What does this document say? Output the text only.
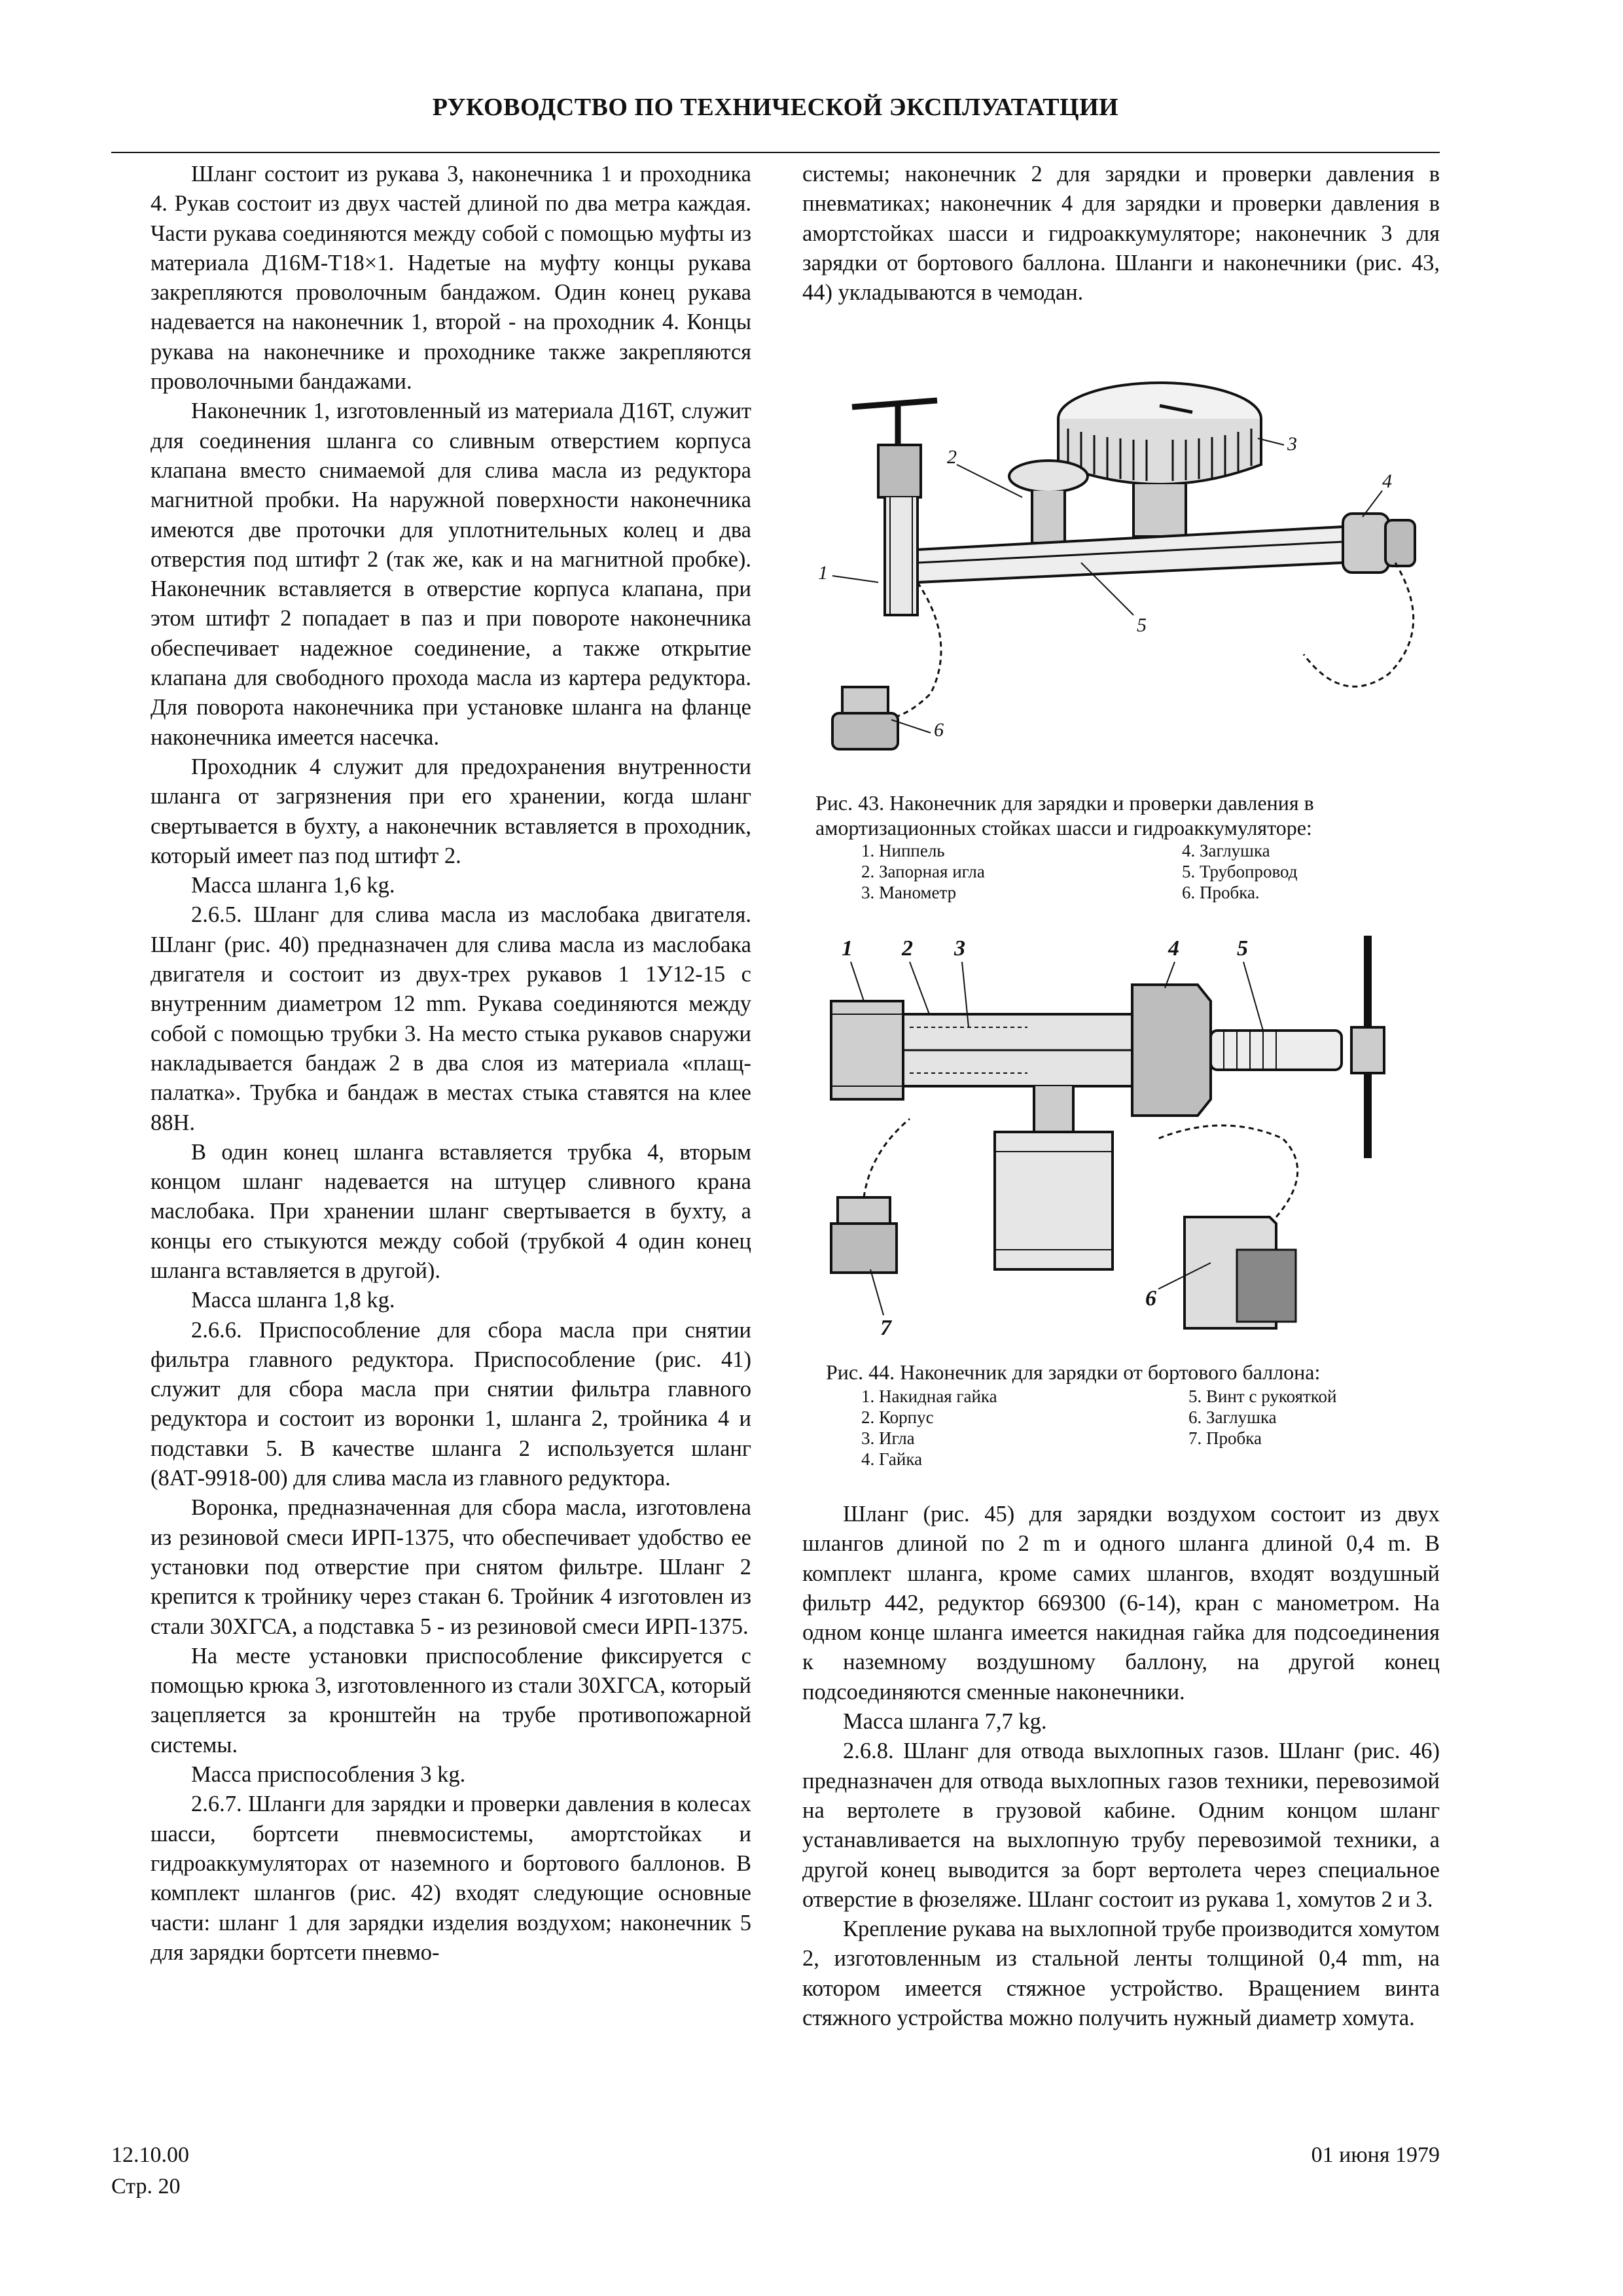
РУКОВОДСТВО ПО ТЕХНИЧЕСКОЙ ЭКСПЛУАТАТЦИИ

Шланг состоит из рукава 3, наконечника 1 и проходника 4. Рукав состоит из двух частей длиной по два метра каждая. Части рукава соединяются между собой с помощью муфты из материала Д16М-Т18×1. Надетые на муфту концы рукава закрепляются проволочным бандажом. Один конец рукава надевается на наконечник 1, второй - на проходник 4. Концы рукава на наконечнике и проходнике также закрепляются проволочными бандажами.

Наконечник 1, изготовленный из материала Д16Т, служит для соединения шланга со сливным отверстием корпуса клапана вместо снимаемой для слива масла из редуктора магнитной пробки. На наружной поверхности наконечника имеются две проточки для уплотнительных колец и два отверстия под штифт 2 (так же, как и на магнитной пробке). Наконечник вставляется в отверстие корпуса клапана, при этом штифт 2 попадает в паз и при повороте наконечника обеспечивает надежное соединение, а также открытие клапана для свободного прохода масла из картера редуктора. Для поворота наконечника при установке шланга на фланце наконечника имеется насечка.

Проходник 4 служит для предохранения внутренности шланга от загрязнения при его хранении, когда шланг свертывается в бухту, а наконечник вставляется в проходник, который имеет паз под штифт 2.

Масса шланга 1,6 kg.

2.6.5. Шланг для слива масла из маслобака двигателя. Шланг (рис. 40) предназначен для слива масла из маслобака двигателя и состоит из двух-трех рукавов 1 1У12-15 с внутренним диаметром 12 mm. Рукава соединяются между собой с помощью трубки 3. На место стыка рукавов снаружи накладывается бандаж 2 в два слоя из материала «плащ-палатка». Трубка и бандаж в местах стыка ставятся на клее 88Н.

В один конец шланга вставляется трубка 4, вторым концом шланг надевается на штуцер сливного крана маслобака. При хранении шланг свертывается в бухту, а концы его стыкуются между собой (трубкой 4 один конец шланга вставляется в другой).

Масса шланга 1,8 kg.

2.6.6. Приспособление для сбора масла при снятии фильтра главного редуктора. Приспособление (рис. 41) служит для сбора масла при снятии фильтра главного редуктора и состоит из воронки 1, шланга 2, тройника 4 и подставки 5. В качестве шланга 2 используется шланг (8АТ-9918-00) для слива масла из главного редуктора.

Воронка, предназначенная для сбора масла, изготовлена из резиновой смеси ИРП-1375, что обеспечивает удобство ее установки под отверстие при снятом фильтре. Шланг 2 крепится к тройнику через стакан 6. Тройник 4 изготовлен из стали 30ХГСА, а подставка 5 - из резиновой смеси ИРП-1375.

На месте установки приспособление фиксируется с помощью крюка 3, изготовленного из стали 30ХГСА, который зацепляется за кронштейн на трубе противопожарной системы.

Масса приспособления 3 kg.

2.6.7. Шланги для зарядки и проверки давления в колесах шасси, бортсети пневмосистемы, амортстойках и гидроаккумуляторах от наземного и бортового баллонов. В комплект шлангов (рис. 42) входят следующие основные части: шланг 1 для зарядки изделия воздухом; наконечник 5 для зарядки бортсети пневмо-

системы; наконечник 2 для зарядки и проверки давления в пневматиках; наконечник 4 для зарядки и проверки давления в амортстойках шасси и гидроаккумуляторе; наконечник 3 для зарядки от бортового баллона. Шланги и наконечники (рис. 43, 44) укладываются в чемодан.

1
2
3
4
5
6
Рис. 43. Наконечник для зарядки и проверки давления в амортизационных стойках шасси и гидроаккумуляторе:
1. Ниппель
2. Запорная игла
3. Манометр
4. Заглушка
5. Трубопровод
6. Пробка.
1 2 3	4	5
6
7
Рис. 44. Наконечник для зарядки от бортового баллона:
1. Накидная гайка
2. Корпус
3. Игла
4. Гайка
5. Винт с рукояткой
6. Заглушка
7. Пробка

Шланг (рис. 45) для зарядки воздухом состоит из двух шлангов длиной по 2 m и одного шланга длиной 0,4 m. В комплект шланга, кроме самих шлангов, входят воздушный фильтр 442, редуктор 669300 (6-14), кран с манометром. На одном конце шланга имеется накидная гайка для подсоединения к наземному воздушному баллону, на другой конец подсоединяются сменные наконечники.

Масса шланга 7,7 kg.

2.6.8. Шланг для отвода выхлопных газов. Шланг (рис. 46) предназначен для отвода выхлопных газов техники, перевозимой на вертолете в грузовой кабине. Одним концом шланг устанавливается на выхлопную трубу перевозимой техники, а другой конец выводится за борт вертолета через специальное отверстие в фюзеляже. Шланг состоит из рукава 1, хомутов 2 и 3.

Крепление рукава на выхлопной трубе производится хомутом 2, изготовленным из стальной ленты толщиной 0,4 mm, на котором имеется стяжное устройство. Вращением винта стяжного устройства можно получить нужный диаметр хомута.

12.10.00
Стр. 20
01 июня 1979
